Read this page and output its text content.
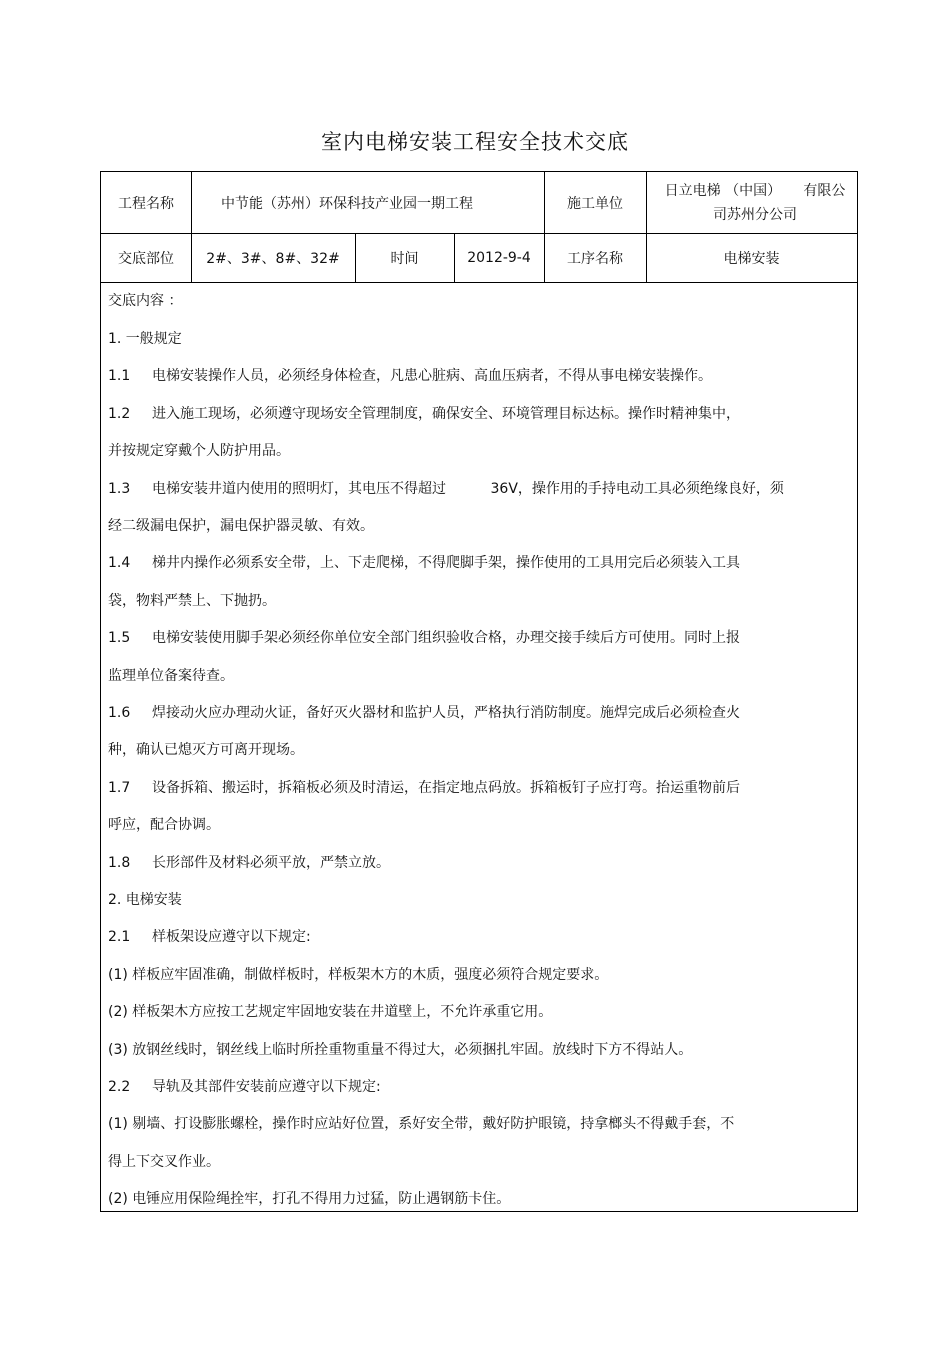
室内电梯安装工程安全技术交底
工程名称	中节能（苏州）环保科技产业园一期工程	施工单位
日立电梯 （中国）     有限公
司苏州分公司
交底部位	2#、3#、8#、32#	时间	2012-9-4	工序名称	电梯安装
交底内容 ：
1. 一般规定
1.1	电梯安装操作人员，必须经身体检查，凡患心脏病、高血压病者，不得从事电梯安装操作。
1.2	进入施工现场，必须遵守现场安全管理制度，确保安全、环境管理目标达标。操作时精神集中，
并按规定穿戴个人防护用品。
1.3	电梯安装井道内使用的照明灯，其电压不得超过          36V，操作用的手持电动工具必须绝缘良好，须
经二级漏电保护，漏电保护器灵敏、有效。
1.4	梯井内操作必须系安全带，上、下走爬梯，不得爬脚手架，操作使用的工具用完后必须装入工具
袋，物料严禁上、下抛扔。
1.5	电梯安装使用脚手架必须经你单位安全部门组织验收合格，办理交接手续后方可使用。同时上报
监理单位备案待查。
1.6	焊接动火应办理动火证，备好灭火器材和监护人员，严格执行消防制度。施焊完成后必须检查火
种，确认已熄灭方可离开现场。
1.7	设备拆箱、搬运时，拆箱板必须及时清运，在指定地点码放。拆箱板钉子应打弯。抬运重物前后
呼应，配合协调。
1.8	长形部件及材料必须平放，严禁立放。
2. 电梯安装
2.1	样板架设应遵守以下规定:
(1) 样板应牢固准确，制做样板时，样板架木方的木质，强度必须符合规定要求。
(2) 样板架木方应按工艺规定牢固地安装在井道壁上，不允许承重它用。
(3) 放钢丝线时，钢丝线上临时所拴重物重量不得过大，必须捆扎牢固。放线时下方不得站人。
2.2	导轨及其部件安装前应遵守以下规定:
(1) 剔墙、打设膨胀螺栓，操作时应站好位置，系好安全带，戴好防护眼镜，持拿榔头不得戴手套，不
得上下交叉作业。
(2) 电锤应用保险绳拴牢，打孔不得用力过猛，防止遇钢筋卡住。
